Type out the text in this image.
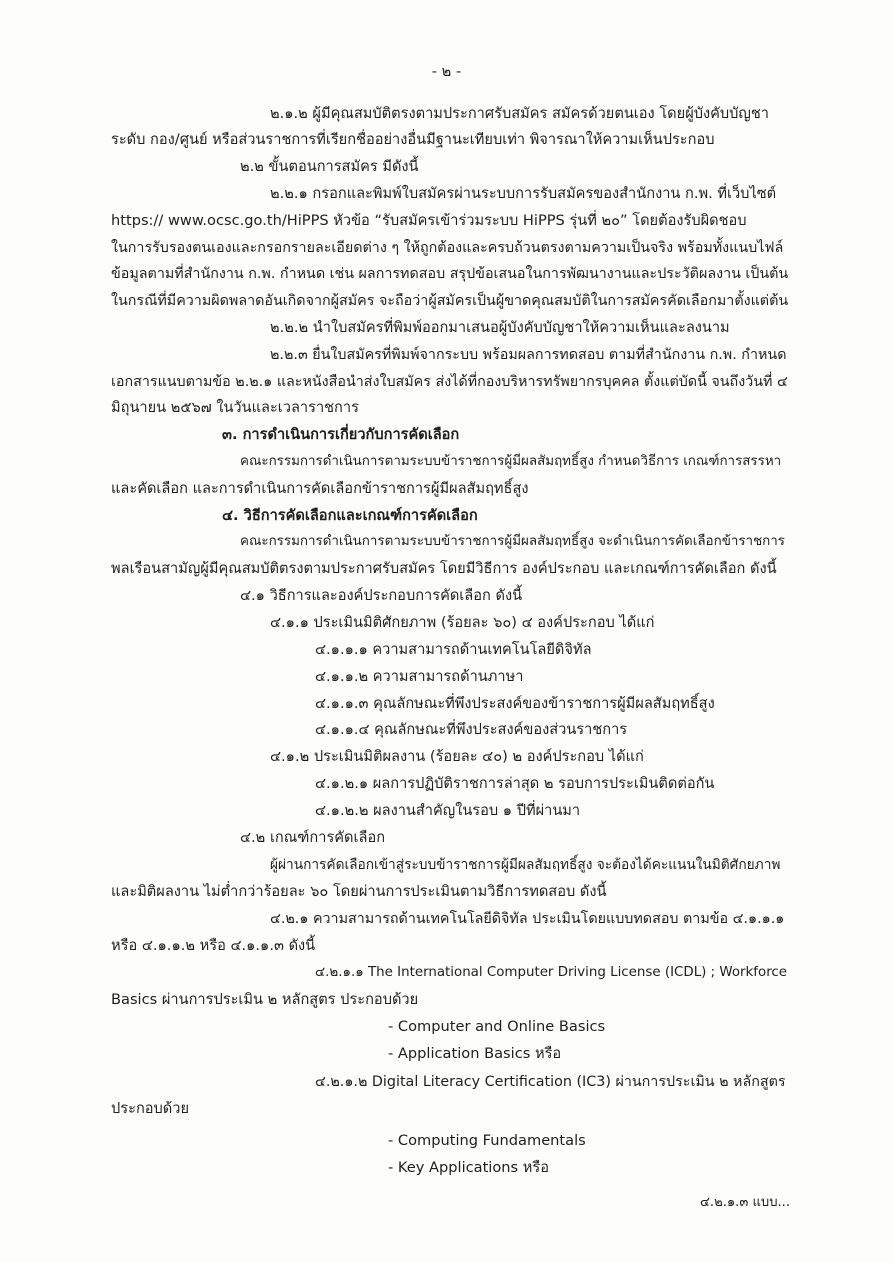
- ๒ -
๒.๑.๒ ผู้มีคุณสมบัติตรงตามประกาศรับสมัคร สมัครด้วยตนเอง โดยผู้บังคับบัญชา
ระดับ กอง/ศูนย์ หรือส่วนราชการที่เรียกชื่ออย่างอื่นมีฐานะเทียบเท่า พิจารณาให้ความเห็นประกอบ
๒.๒ ขั้นตอนการสมัคร มีดังนี้
๒.๒.๑ กรอกและพิมพ์ใบสมัครผ่านระบบการรับสมัครของสำนักงาน ก.พ. ที่เว็บไซต์
https:// www.ocsc.go.th/HiPPS หัวข้อ “รับสมัครเข้าร่วมระบบ HiPPS รุ่นที่ ๒๐” โดยต้องรับผิดชอบ
ในการรับรองตนเองและกรอกรายละเอียดต่าง ๆ ให้ถูกต้องและครบถ้วนตรงตามความเป็นจริง พร้อมทั้งแนบไฟล์
ข้อมูลตามที่สำนักงาน ก.พ. กำหนด เช่น ผลการทดสอบ สรุปข้อเสนอในการพัฒนางานและประวัติผลงาน เป็นต้น
ในกรณีที่มีความผิดพลาดอันเกิดจากผู้สมัคร จะถือว่าผู้สมัครเป็นผู้ขาดคุณสมบัติในการสมัครคัดเลือกมาตั้งแต่ต้น
๒.๒.๒ นำใบสมัครที่พิมพ์ออกมาเสนอผู้บังคับบัญชาให้ความเห็นและลงนาม
๒.๒.๓ ยื่นใบสมัครที่พิมพ์จากระบบ พร้อมผลการทดสอบ ตามที่สำนักงาน ก.พ. กำหนด
เอกสารแนบตามข้อ ๒.๒.๑ และหนังสือนำส่งใบสมัคร ส่งได้ที่กองบริหารทรัพยากรบุคคล ตั้งแต่บัดนี้ จนถึงวันที่ ๔
มิถุนายน ๒๕๖๗ ในวันและเวลาราชการ
๓. การดำเนินการเกี่ยวกับการคัดเลือก
คณะกรรมการดำเนินการตามระบบข้าราชการผู้มีผลสัมฤทธิ์สูง กำหนดวิธีการ เกณฑ์การสรรหา
และคัดเลือก และการดำเนินการคัดเลือกข้าราชการผู้มีผลสัมฤทธิ์สูง
๔. วิธีการคัดเลือกและเกณฑ์การคัดเลือก
คณะกรรมการดำเนินการตามระบบข้าราชการผู้มีผลสัมฤทธิ์สูง จะดำเนินการคัดเลือกข้าราชการ
พลเรือนสามัญผู้มีคุณสมบัติตรงตามประกาศรับสมัคร โดยมีวิธีการ องค์ประกอบ และเกณฑ์การคัดเลือก ดังนี้
๔.๑ วิธีการและองค์ประกอบการคัดเลือก ดังนี้
๔.๑.๑ ประเมินมิติศักยภาพ (ร้อยละ ๖๐) ๔ องค์ประกอบ ได้แก่
๔.๑.๑.๑ ความสามารถด้านเทคโนโลยีดิจิทัล
๔.๑.๑.๒ ความสามารถด้านภาษา
๔.๑.๑.๓ คุณลักษณะที่พึงประสงค์ของข้าราชการผู้มีผลสัมฤทธิ์สูง
๔.๑.๑.๔ คุณลักษณะที่พึงประสงค์ของส่วนราชการ
๔.๑.๒ ประเมินมิติผลงาน (ร้อยละ ๔๐) ๒ องค์ประกอบ ได้แก่
๔.๑.๒.๑ ผลการปฏิบัติราชการล่าสุด ๒ รอบการประเมินติดต่อกัน
๔.๑.๒.๒ ผลงานสำคัญในรอบ ๑ ปีที่ผ่านมา
๔.๒ เกณฑ์การคัดเลือก
ผู้ผ่านการคัดเลือกเข้าสู่ระบบข้าราชการผู้มีผลสัมฤทธิ์สูง จะต้องได้คะแนนในมิติศักยภาพ
และมิติผลงาน ไม่ต่ำกว่าร้อยละ ๖๐ โดยผ่านการประเมินตามวิธีการทดสอบ ดังนี้
๔.๒.๑ ความสามารถด้านเทคโนโลยีดิจิทัล ประเมินโดยแบบทดสอบ ตามข้อ ๔.๑.๑.๑
หรือ ๔.๑.๑.๒ หรือ ๔.๑.๑.๓ ดังนี้
๔.๒.๑.๑ The International Computer Driving License (ICDL) ; Workforce
Basics ผ่านการประเมิน ๒ หลักสูตร ประกอบด้วย
- Computer and Online Basics
- Application Basics หรือ
๔.๒.๑.๒ Digital Literacy Certification (IC3) ผ่านการประเมิน ๒ หลักสูตร
ประกอบด้วย
- Computing Fundamentals
- Key Applications หรือ
๔.๒.๑.๓ แบบ...
